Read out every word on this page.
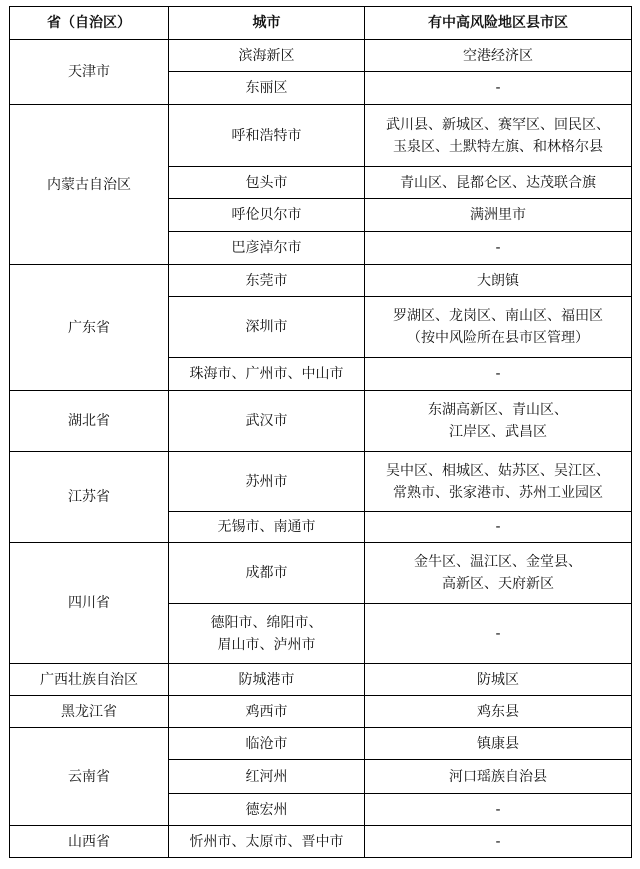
省（自治区）	城市	有中高风险地区县市区
天津市	滨海新区	空港经济区

	东丽区	-

内蒙古自治区	呼和浩特市	武川县、新城区、赛罕区、回民区、
玉泉区、土默特左旗、和林格尔县

	包头市	青山区、昆都仑区、达茂联合旗

	呼伦贝尔市	满洲里市

	巴彦淖尔市	-

广东省	东莞市	大朗镇

	深圳市	罗湖区、龙岗区、南山区、福田区
（按中风险所在县市区管理）

	珠海市、广州市、中山市	-

湖北省	武汉市	东湖高新区、青山区、
江岸区、武昌区

江苏省	苏州市	吴中区、相城区、姑苏区、吴江区、
常熟市、张家港市、苏州工业园区

	无锡市、南通市	-

四川省	成都市	金牛区、温江区、金堂县、
高新区、天府新区

	德阳市、绵阳市、
眉山市、泸州市	-

广西壮族自治区	防城港市	防城区

黑龙江省	鸡西市	鸡东县

云南省	临沧市	镇康县

	红河州	河口瑶族自治县

	德宏州	-

山西省	忻州市、太原市、晋中市	-
